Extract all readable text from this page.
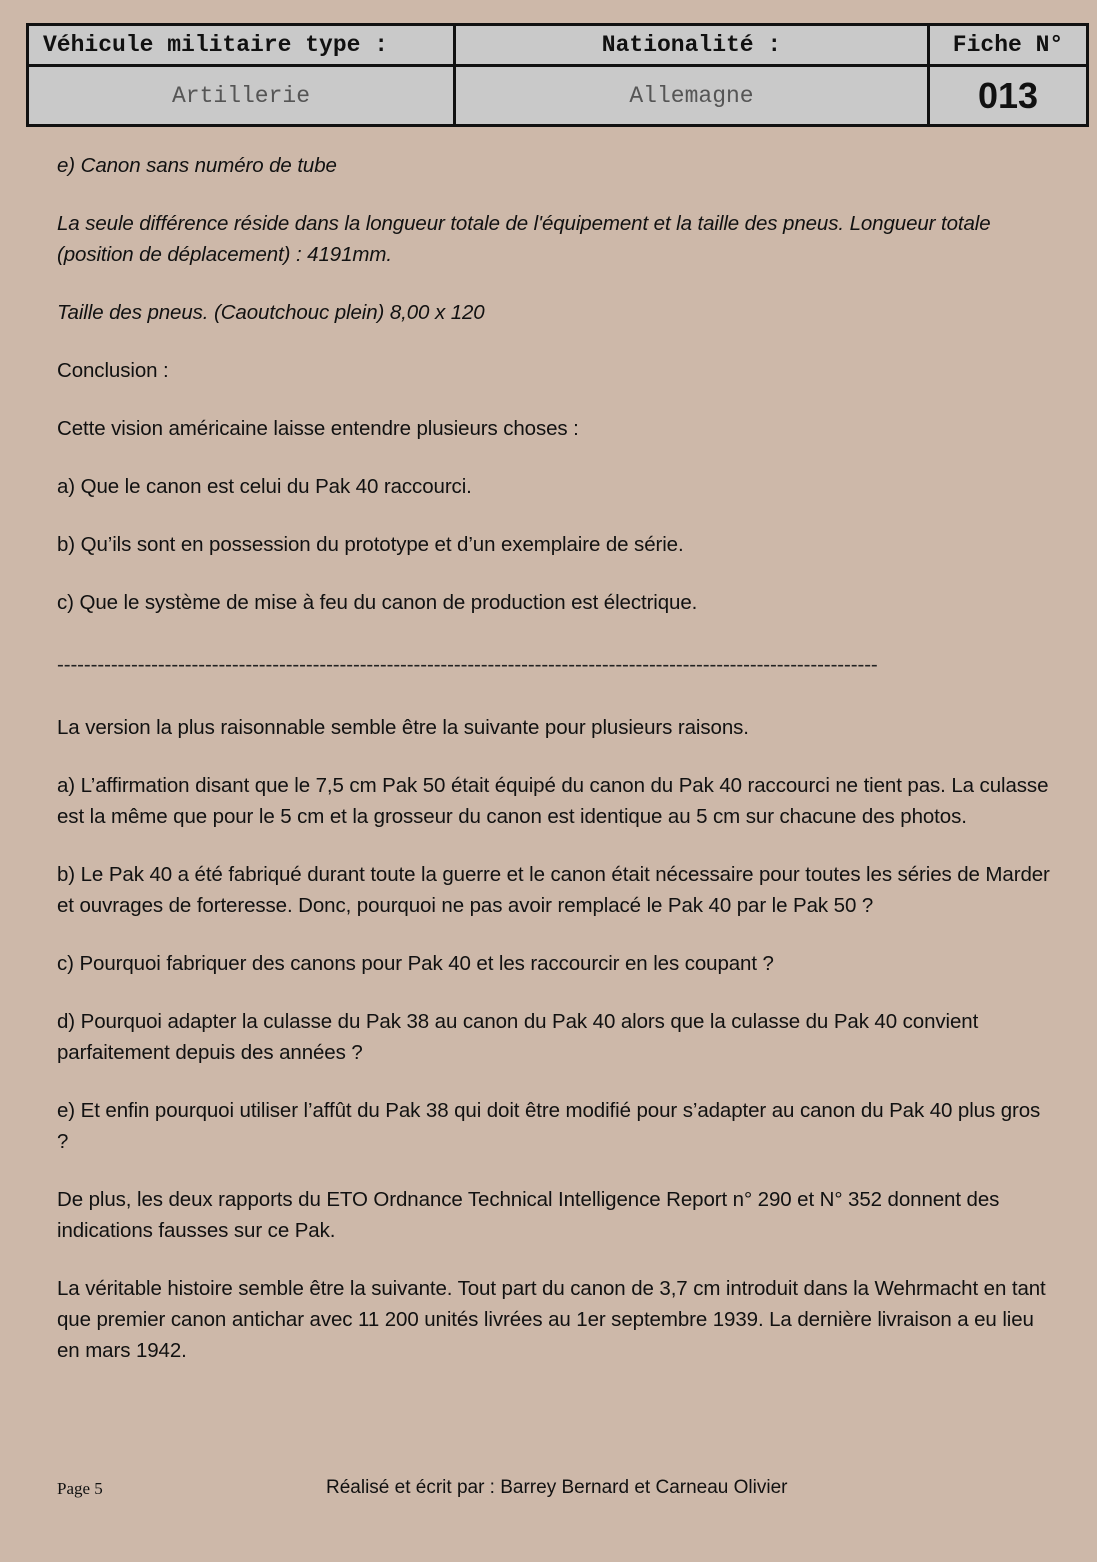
Véhicule militaire type :	Nationalité :	Fiche N°
Artillerie	Allemagne	013

e) Canon sans numéro de tube

La seule différence réside dans la longueur totale de l'équipement et la taille des pneus. Longueur totale (position de déplacement) : 4191mm.

Taille des pneus. (Caoutchouc plein) 8,00 x 120

Conclusion :

Cette vision américaine laisse entendre plusieurs choses :

a) Que le canon est celui du Pak 40 raccourci.

b) Qu’ils sont en possession du prototype et d’un exemplaire de série.

c) Que le système de mise à feu du canon de production est électrique.

--------------------------------------------------------------------------------------------------------------------------

La version la plus raisonnable semble être la suivante pour plusieurs raisons.

a) L’affirmation disant que le 7,5 cm Pak 50 était équipé du canon du Pak 40 raccourci ne tient pas. La culasse est la même que pour le 5 cm et la grosseur du canon est identique au 5 cm sur chacune des photos.

b) Le Pak 40 a été fabriqué durant toute la guerre et le canon était nécessaire pour toutes les séries de Marder et ouvrages de forteresse. Donc, pourquoi ne pas avoir remplacé le Pak 40 par le Pak 50 ?

c) Pourquoi fabriquer des canons pour Pak 40 et les raccourcir en les coupant ?

d) Pourquoi adapter la culasse du Pak 38 au canon du Pak 40 alors que la culasse du Pak 40 convient parfaitement depuis des années ?

e) Et enfin pourquoi utiliser l’affût du Pak 38 qui doit être modifié pour s’adapter au canon du Pak 40 plus gros ?

De plus, les deux rapports du ETO Ordnance Technical Intelligence Report n° 290 et N° 352 donnent des indications fausses sur ce Pak.

La véritable histoire semble être la suivante. Tout part du canon de 3,7 cm introduit dans la Wehrmacht en tant que premier canon antichar avec 11 200 unités livrées au 1er septembre 1939. La dernière livraison a eu lieu en mars 1942.

Page 5	Réalisé et écrit par : Barrey Bernard et Carneau Olivier
